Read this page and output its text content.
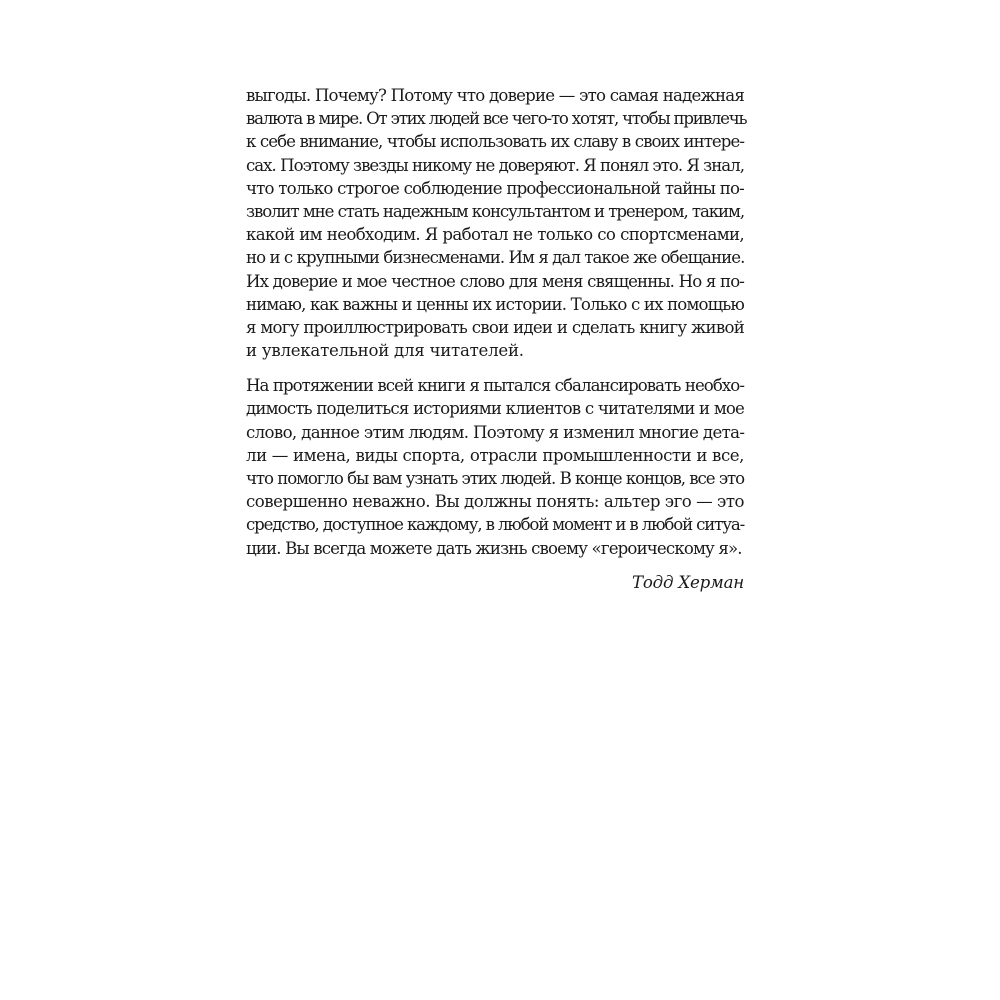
выгоды. Почему? Потому что доверие — это самая надежная
валюта в мире. От этих людей все чего-то хотят, чтобы привлечь
к себе внимание, чтобы использовать их славу в своих интере-
сах. Поэтому звезды никому не доверяют. Я понял это. Я знал,
что только строгое соблюдение профессиональной тайны по-
зволит мне стать надежным консультантом и тренером, таким,
какой им необходим. Я работал не только со спортсменами,
но и с крупными бизнесменами. Им я дал такое же обещание.
Их доверие и мое честное слово для меня священны. Но я по-
нимаю, как важны и ценны их истории. Только с их помощью
я могу проиллюстрировать свои идеи и сделать книгу живой
и увлекательной для читателей.

На протяжении всей книги я пытался сбалансировать необхо-
димость поделиться историями клиентов с читателями и мое
слово, данное этим людям. Поэтому я изменил многие дета-
ли — имена, виды спорта, отрасли промышленности и все,
что помогло бы вам узнать этих людей. В конце концов, все это
совершенно неважно. Вы должны понять: альтер эго — это
средство, доступное каждому, в любой момент и в любой ситуа-
ции. Вы всегда можете дать жизнь своему «героическому я».

Тодд Херман
